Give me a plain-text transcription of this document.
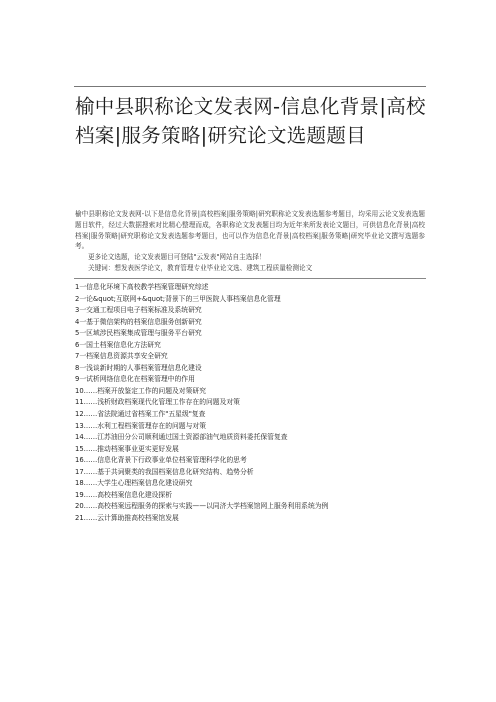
榆中县职称论文发表网-信息化背景|高校档案|服务策略|研究论文选题题目

榆中县职称论文发表网-以下是信息化背景|高校档案|服务策略|研究职称论文发表选题参考题目，均采用云论文发表选题题目软件，经过大数据搜索对比精心整理而成，各职称论文发表题目均为近年来所发表论文题目，可供信息化背景|高校档案|服务策略|研究职称论文发表选题参考题目，也可以作为信息化背景|高校档案|服务策略|研究毕业论文撰写选题参考。

更多论文选题，论文发表题目可登陆"云发表"网站自主选择！

关键词：想发表医学论文，教育管理专业毕业论文选、建筑工程质量检测论文

1一信息化环境下高校教学档案管理研究综述
2一论&quot;互联网+&quot;背景下的三甲医院人事档案信息化管理
3一交通工程项目电子档案标准及系统研究
4一基于微信架构的档案信息服务创新研究
5一区域涉民档案集成管理与服务平台研究
6一国土档案信息化方法研究
7一档案信息资源共享安全研究
8一浅谈新时期的人事档案管理信息化建设
9一试析网络信息化在档案管理中的作用
10……档案开放鉴定工作的问题及对策研究
11……浅析财政档案现代化管理工作存在的问题及对策
12……省法院通过省档案工作"五星级"复查
13……水利工程档案管理存在的问题与对策
14……江苏油田分公司顺利通过国土资源部油气地质资料委托保管复查
15……推动档案事业更实更好发展
16……信息化背景下行政事业单位档案管理科学化的思考
17……基于共词聚类的我国档案信息化研究结构、趋势分析
18……大学生心理档案信息化建设研究
19……高校档案信息化建设探析
20……高校档案远程服务的探索与实践——以同济大学档案馆网上服务利用系统为例
21……云计算助推高校档案馆发展
